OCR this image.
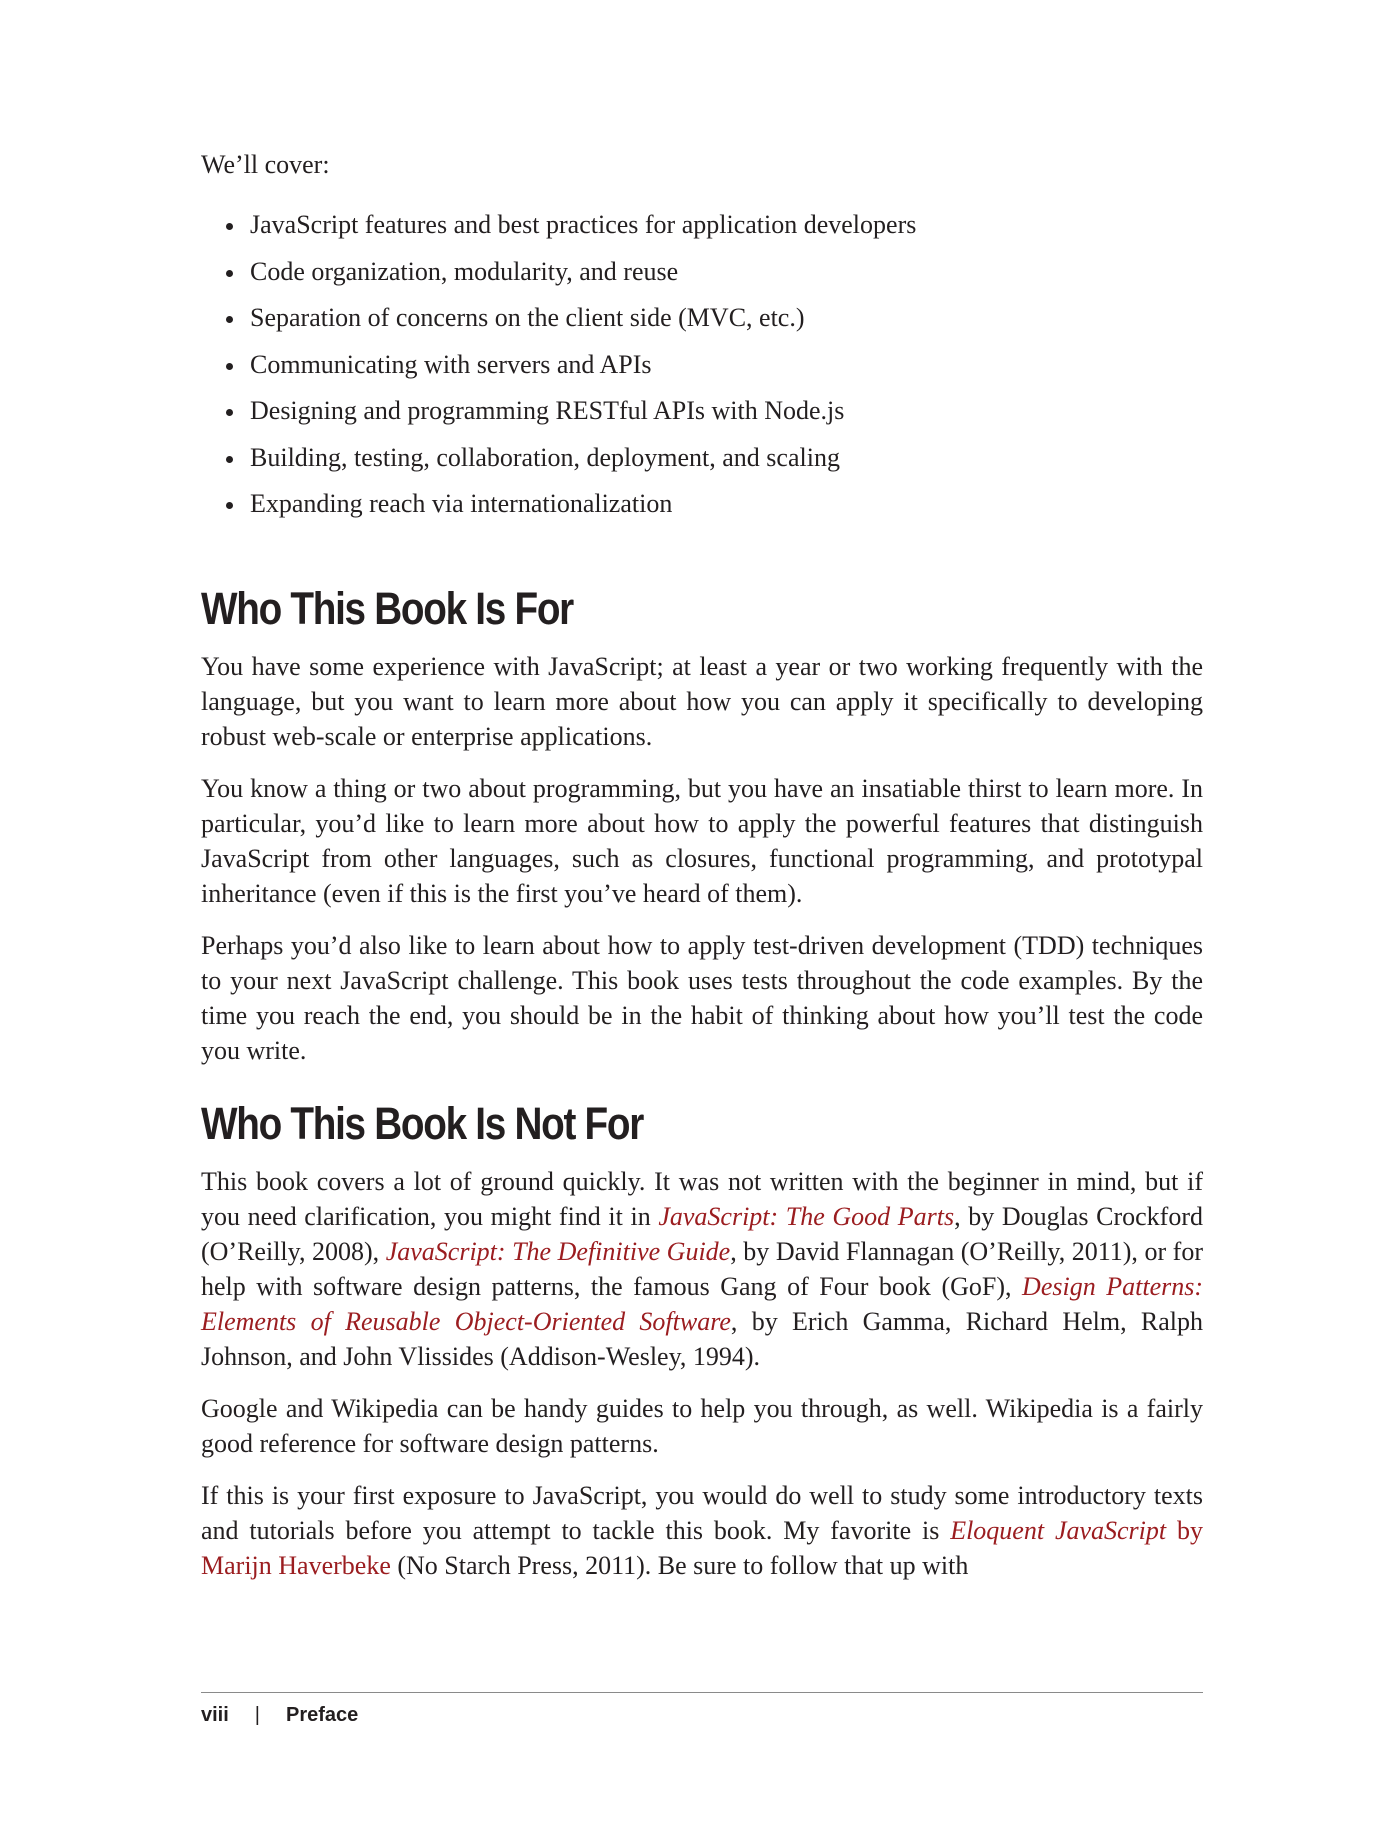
We’ll cover:

JavaScript features and best practices for application developers
Code organization, modularity, and reuse
Separation of concerns on the client side (MVC, etc.)
Communicating with servers and APIs
Designing and programming RESTful APIs with Node.js
Building, testing, collaboration, deployment, and scaling
Expanding reach via internationalization
Who This Book Is For

You have some experience with JavaScript; at least a year or two working frequently with the language, but you want to learn more about how you can apply it specifically to developing robust web-scale or enterprise applications.

You know a thing or two about programming, but you have an insatiable thirst to learn more. In particular, you’d like to learn more about how to apply the powerful features that distinguish JavaScript from other languages, such as closures, functional programming, and prototypal inheritance (even if this is the first you’ve heard of them).

Perhaps you’d also like to learn about how to apply test-driven development (TDD) techniques to your next JavaScript challenge. This book uses tests throughout the code examples. By the time you reach the end, you should be in the habit of thinking about how you’ll test the code you write.

Who This Book Is Not For

This book covers a lot of ground quickly. It was not written with the beginner in mind, but if you need clarification, you might find it in JavaScript: The Good Parts, by Douglas Crockford (O’Reilly, 2008), JavaScript: The Definitive Guide, by David Flannagan (O’Reilly, 2011), or for help with software design patterns, the famous Gang of Four book (GoF), Design Patterns: Elements of Reusable Object-Oriented Software, by Erich Gamma, Richard Helm, Ralph Johnson, and John Vlissides (Addison-Wesley, 1994).

Google and Wikipedia can be handy guides to help you through, as well. Wikipedia is a fairly good reference for software design patterns.

If this is your first exposure to JavaScript, you would do well to study some introductory texts and tutorials before you attempt to tackle this book. My favorite is Eloquent JavaScript by Marijn Haverbeke (No Starch Press, 2011). Be sure to follow that up with

viii | Preface
